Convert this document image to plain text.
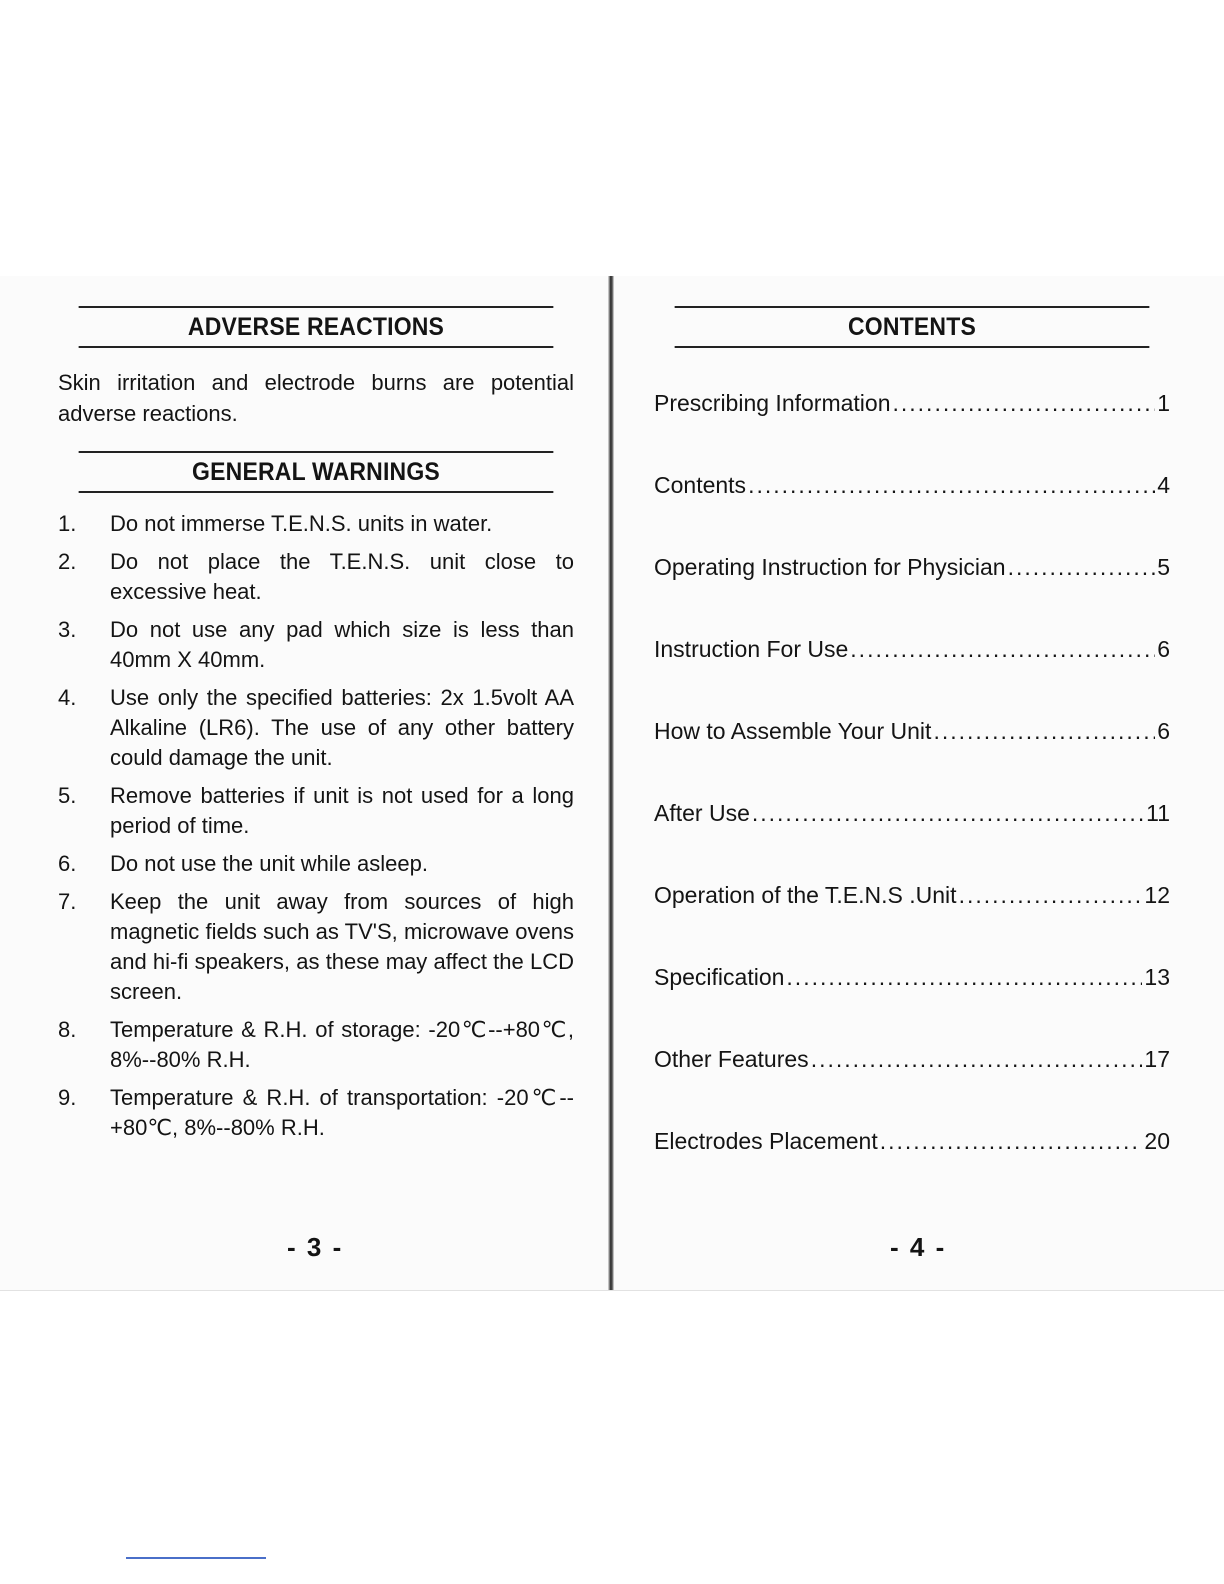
ADVERSE REACTIONS
Skin irritation and electrode burns are potential adverse reactions.
GENERAL WARNINGS
1.	Do not immerse T.E.N.S. units in water.
2.	Do not place the T.E.N.S. unit close to excessive heat.
3.	Do not use any pad which size is less than 40mm X 40mm.
4.	Use only the specified batteries: 2x 1.5volt AA Alkaline (LR6). The use of any other battery could damage the unit.
5.	Remove batteries if unit is not used for a long period of time.
6.	Do not use the unit while asleep.
7.	Keep the unit away from sources of high magnetic fields such as TV'S, microwave ovens and hi-fi speakers, as these may affect the LCD screen.
8.	Temperature & R.H. of storage: -20℃--+80℃, 8%--80% R.H.
9.	Temperature & R.H. of transportation: -20℃--+80℃, 8%--80% R.H.
- 3 -
CONTENTS
Prescribing Information .....	1
Contents .....	4
Operating Instruction for Physician .....	5
Instruction For Use .....	6
How to Assemble Your Unit .....	6
After Use .....	11
Operation of the T.E.N.S .Unit .....	12
Specification .....	13
Other Features .....	17
Electrodes Placement .....	20
- 4 -
